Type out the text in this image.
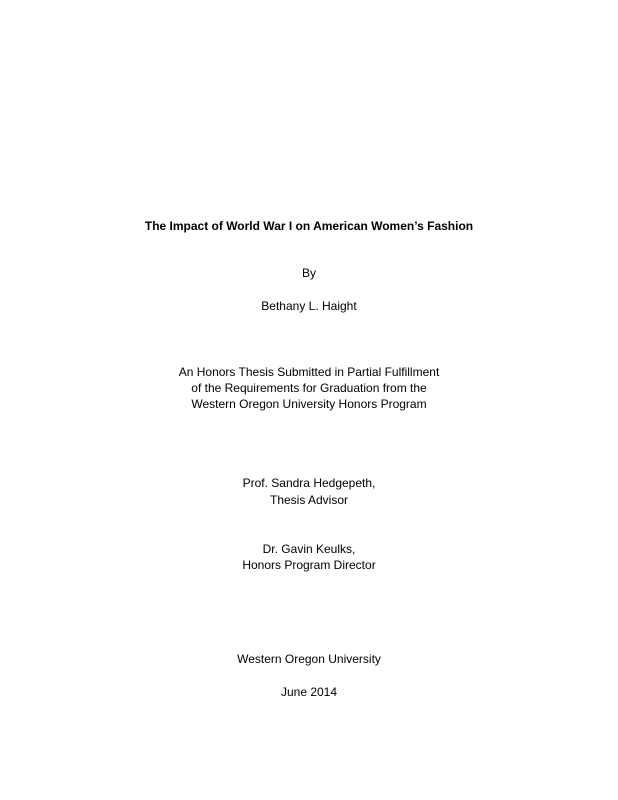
The Impact of World War I on American Women’s Fashion
By
Bethany L. Haight
An Honors Thesis Submitted in Partial Fulfillment
of the Requirements for Graduation from the
Western Oregon University Honors Program
Prof. Sandra Hedgepeth,
Thesis Advisor
Dr. Gavin Keulks,
Honors Program Director
Western Oregon University
June 2014
